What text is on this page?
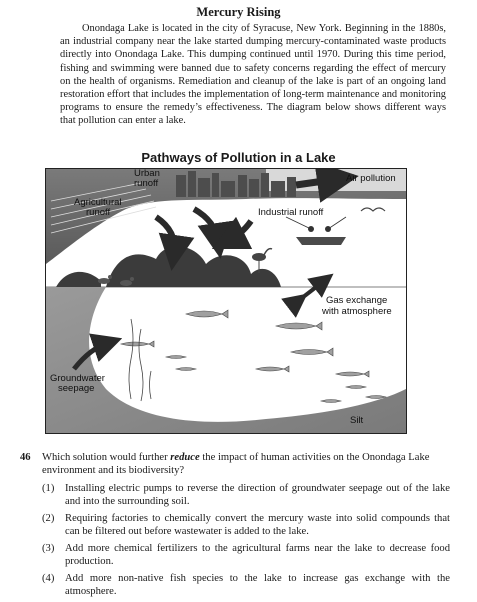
Mercury Rising

Onondaga Lake is located in the city of Syracuse, New York. Beginning in the 1880s, an industrial company near the lake started dumping mercury-contaminated waste products directly into Onondaga Lake. This dumping continued until 1970. During this time period, fishing and swimming were banned due to safety concerns regarding the effect of mercury on the health of organisms. Remediation and cleanup of the lake is part of an ongoing land restoration effort that includes the implementation of long-term maintenance and monitoring programs to ensure the remedy’s effectiveness. The diagram below shows different ways that pollution can enter a lake.

Pathways of Pollution in a Lake
Urban
runoff
Agricultural
runoff
Air pollution
Industrial runoff
Gas exchange
with atmosphere
Groundwater
seepage
Silt
46 Which solution would further reduce the impact of human activities on the Onondaga Lake environment and its biodiversity?
(1) Installing electric pumps to reverse the direction of groundwater seepage out of the lake and into the surrounding soil.
(2) Requiring factories to chemically convert the mercury waste into solid compounds that can be filtered out before wastewater is added to the lake.
(3) Add more chemical fertilizers to the agricultural farms near the lake to decrease food production.
(4) Add more non-native fish species to the lake to increase gas exchange with the atmosphere.
